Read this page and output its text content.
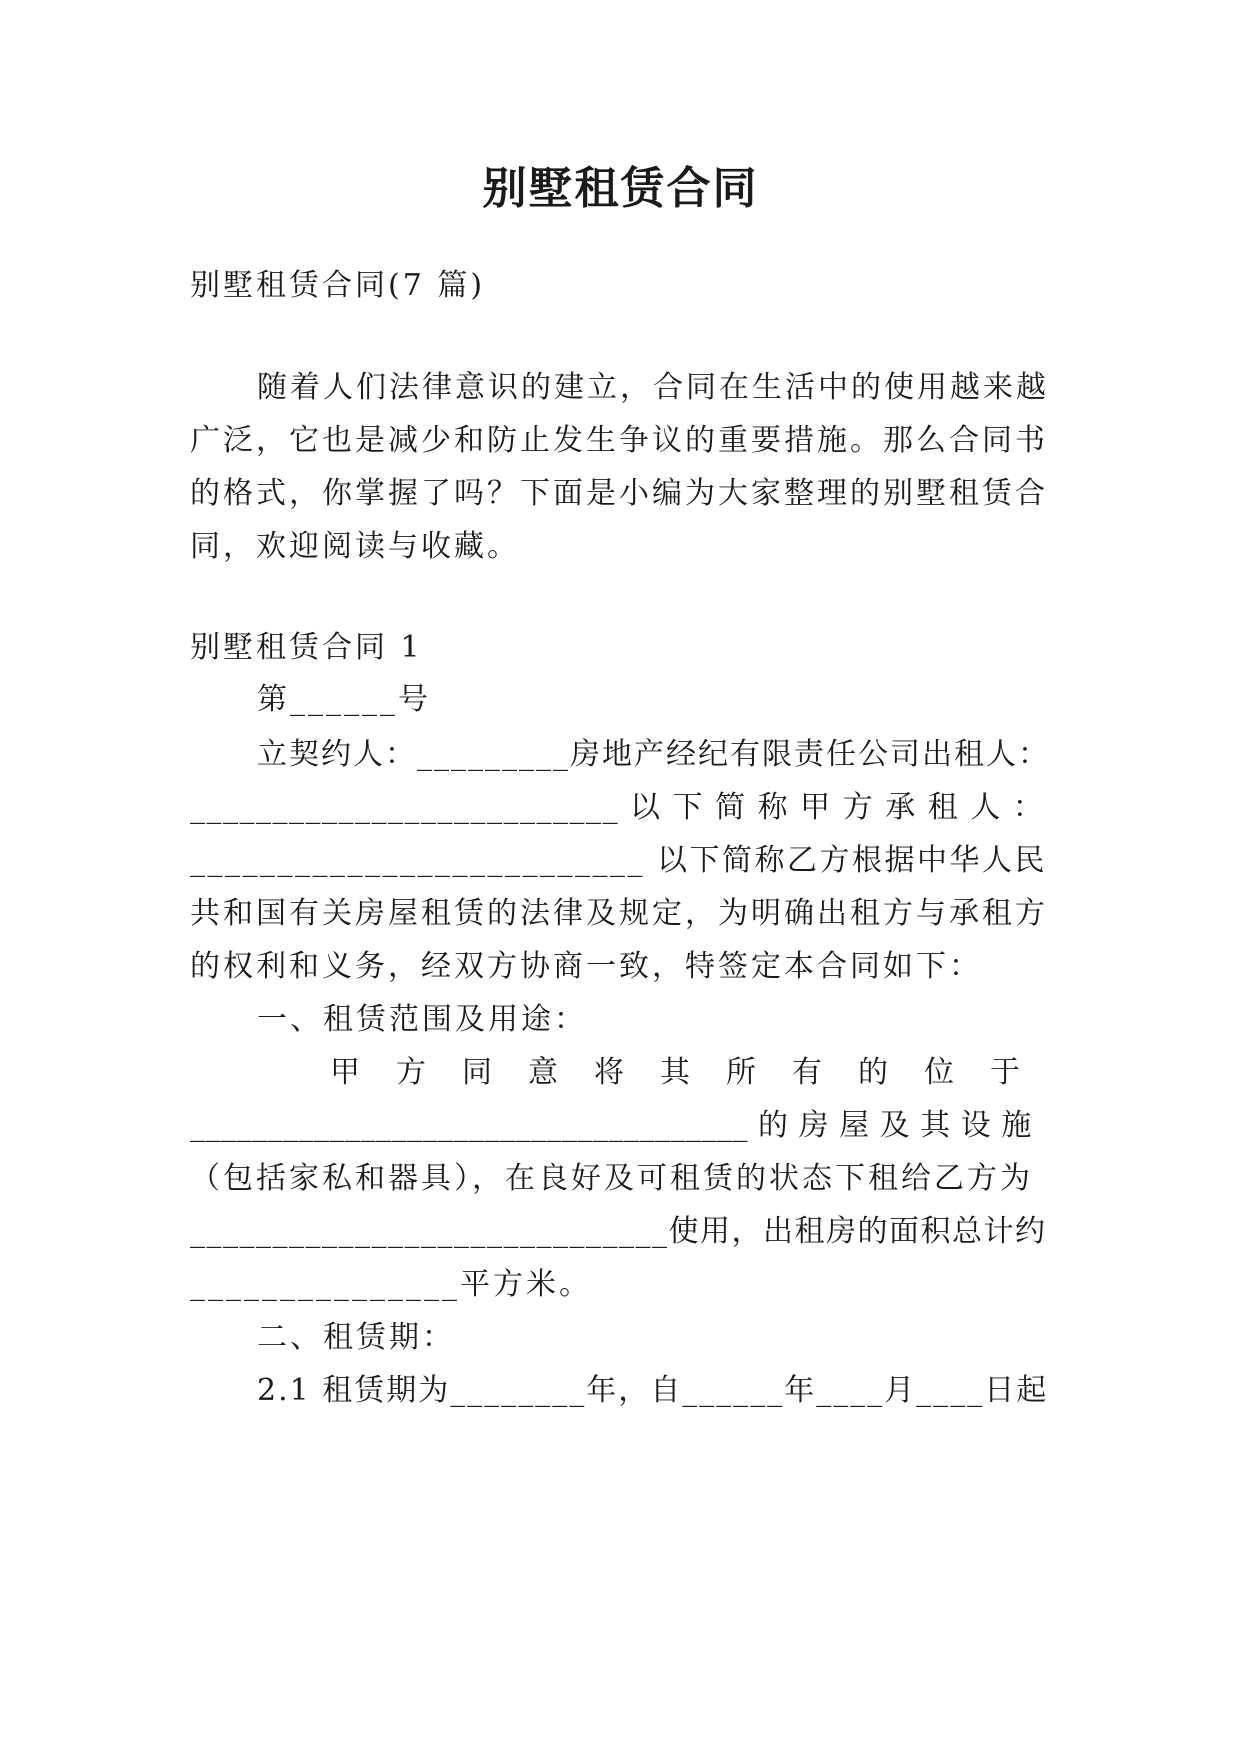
别墅租赁合同

别墅租赁合同(7 篇)

随着人们法律意识的建立，合同在生活中的使用越来越

广泛，它也是减少和防止发生争议的重要措施。那么合同书

的格式，你掌握了吗？下面是小编为大家整理的别墅租赁合

同，欢迎阅读与收藏。

别墅租赁合同 1

第______号

立契约人：_________房地产经纪有限责任公司出租人：

__________________________ 以 下 简 称 甲 方 承 租 人 ：

__________________________ 以下简称乙方根据中华人民

共和国有关房屋租赁的法律及规定，为明确出租方与承租方

的权利和义务，经双方协商一致，特签定本合同如下：

一、租赁范围及用途：

甲　方　同　意　将　其　所　有　的　位　于

____________________________________ 的 房 屋 及 其 设 施

（包括家私和器具），在良好及可租赁的状态下租给乙方为

_____________________________使用，出租房的面积总计约

_______________平方米。

二、租赁期：

2.1 租赁期为________年，自______年____月____日起
